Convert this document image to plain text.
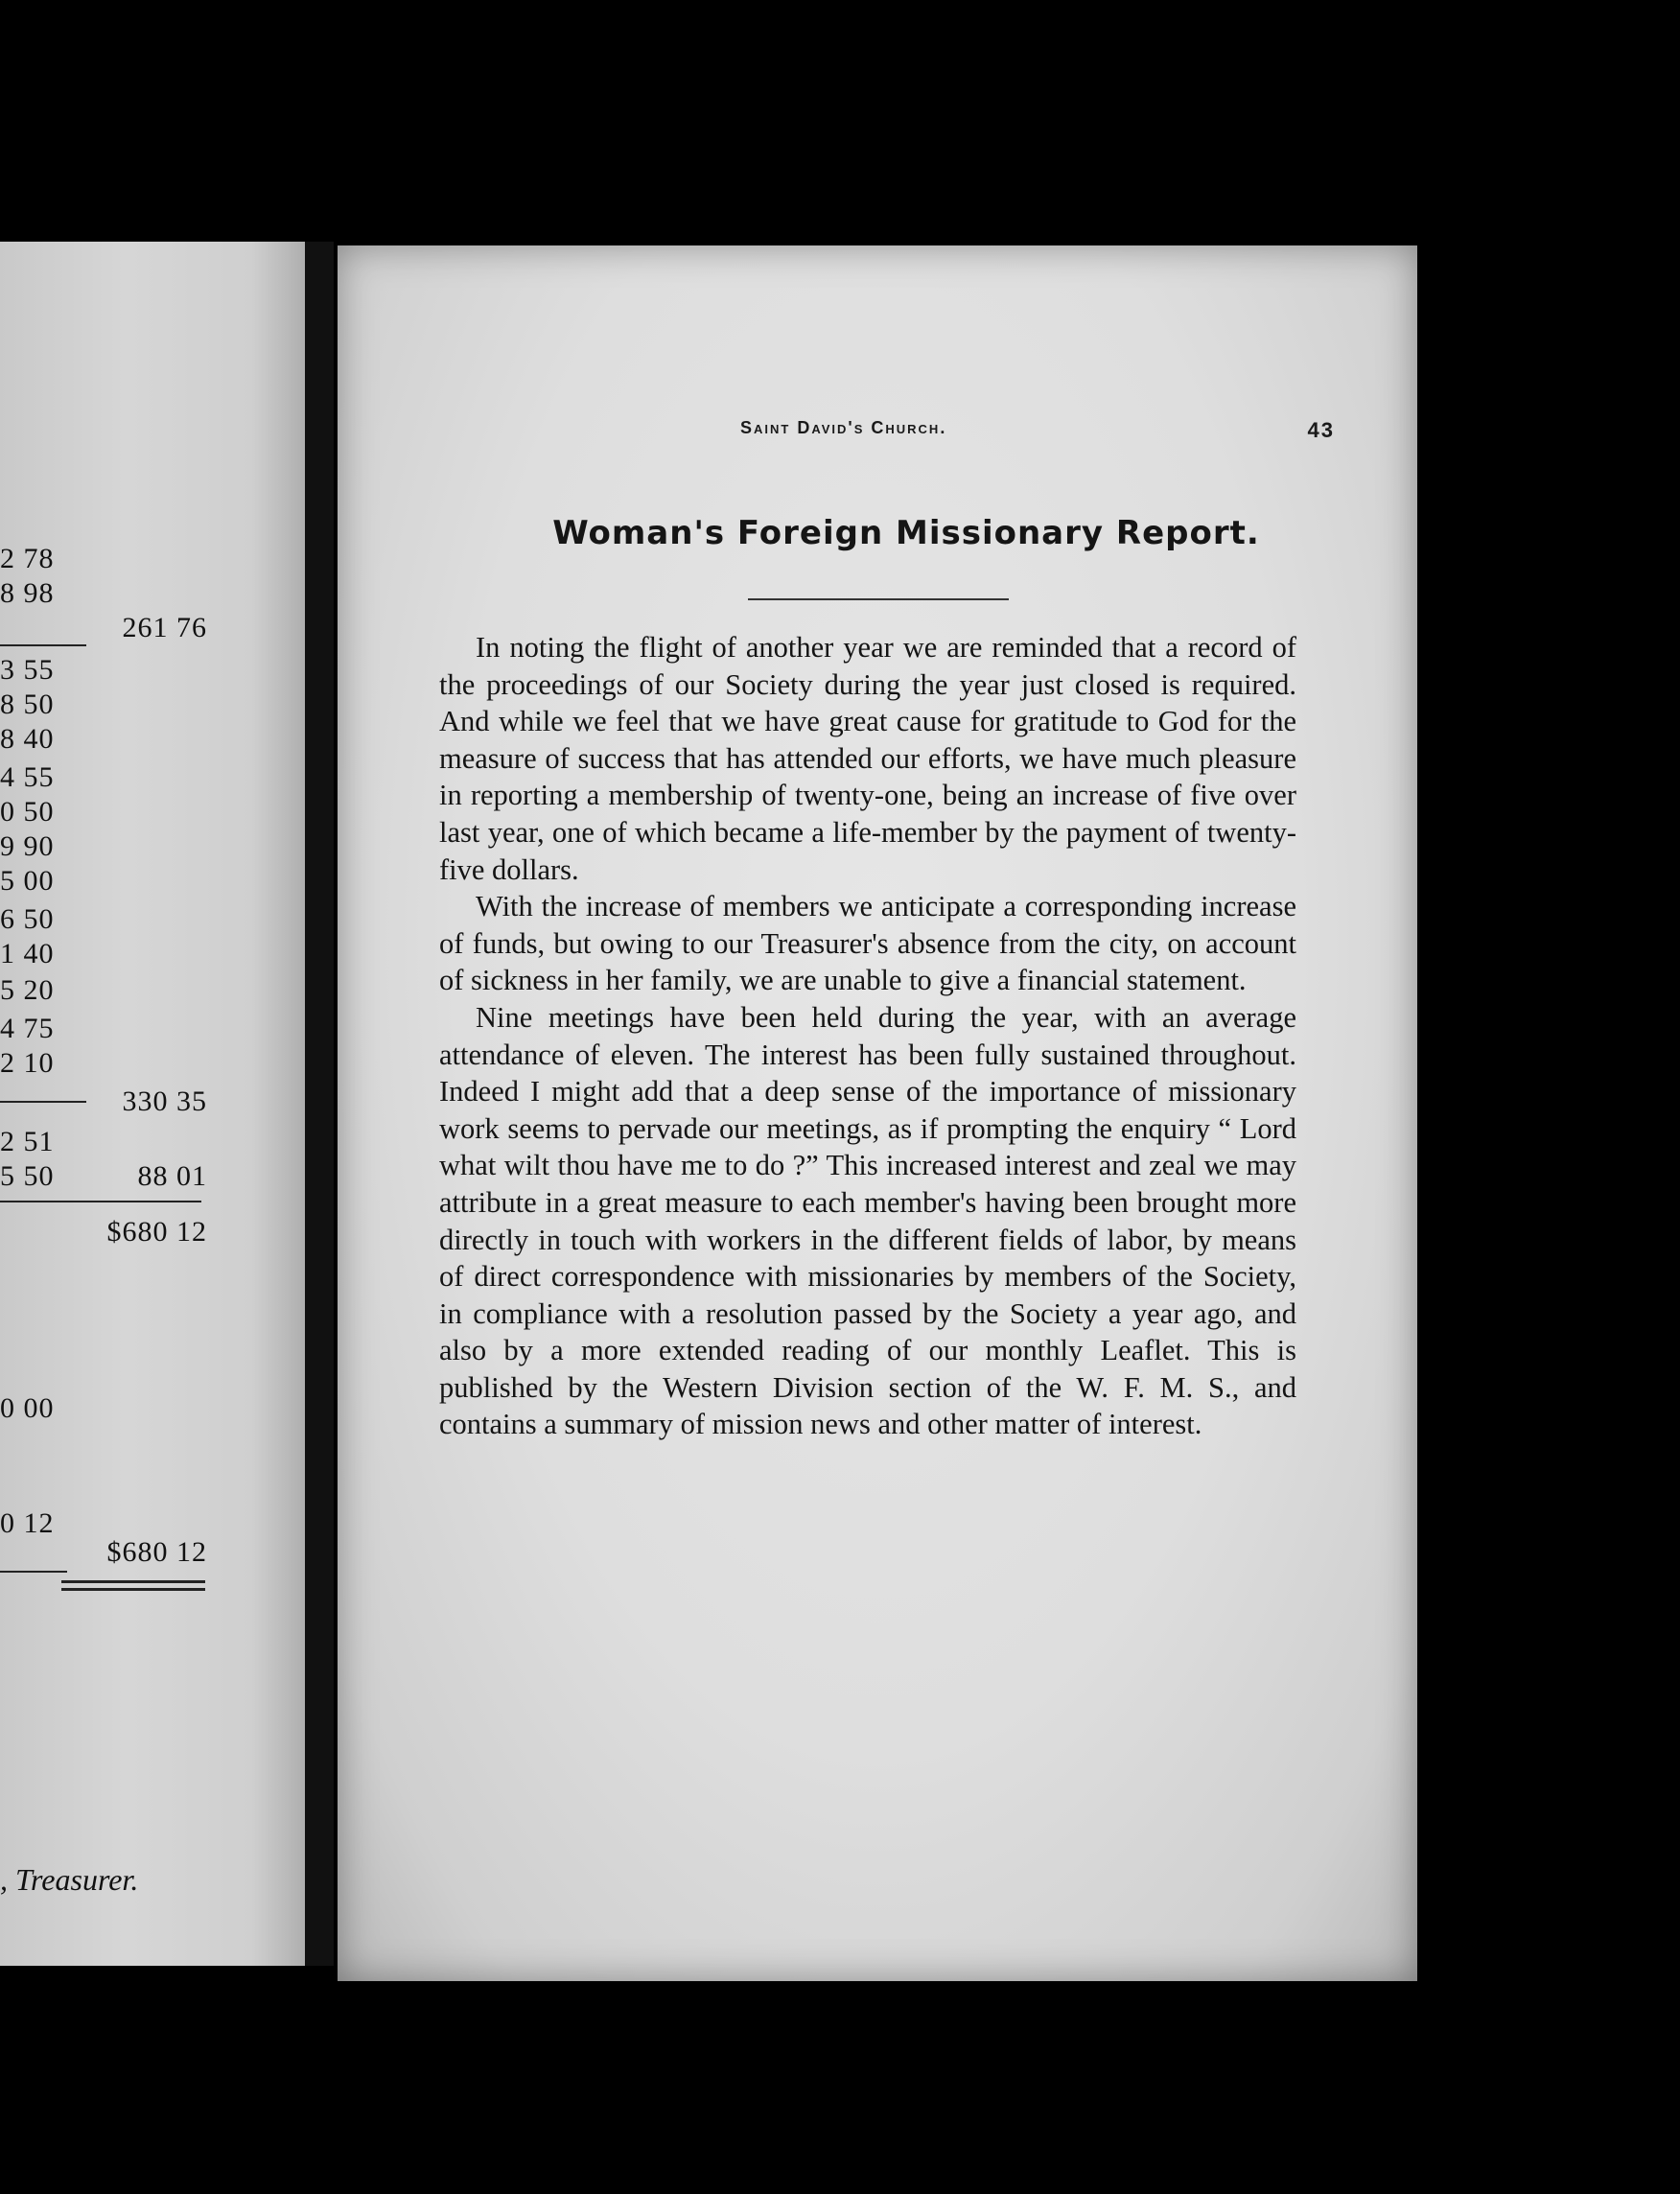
2 78
8 98
261 76
3 55
8 50
8 40
4 55
0 50
9 90
5 00
6 50
1 40
5 20
4 75
2 10
330 35
2 51
5 50	88 01
$680 12
0 00
0 12
$680 12
, Treasurer.
Saint David's Church.	43
Woman's Foreign Missionary Report.

In noting the flight of another year we are reminded that a record of the proceedings of our Society during the year just closed is required. And while we feel that we have great cause for gratitude to God for the measure of success that has attended our efforts, we have much pleasure in reporting a membership of twenty-one, being an increase of five over last year, one of which became a life-member by the payment of twenty-five dollars.

With the increase of members we anticipate a corresponding increase of funds, but owing to our Treasurer's absence from the city, on account of sickness in her family, we are unable to give a financial statement.

Nine meetings have been held during the year, with an average attendance of eleven. The interest has been fully sustained throughout. Indeed I might add that a deep sense of the importance of missionary work seems to pervade our meetings, as if prompting the enquiry “ Lord what wilt thou have me to do ?” This increased interest and zeal we may attribute in a great measure to each member's having been brought more directly in touch with workers in the different fields of labor, by means of direct correspondence with missionaries by members of the Society, in compliance with a resolution passed by the Society a year ago, and also by a more extended reading of our monthly Leaflet. This is published by the Western Division section of the W. F. M. S., and contains a summary of mission news and other matter of interest.
